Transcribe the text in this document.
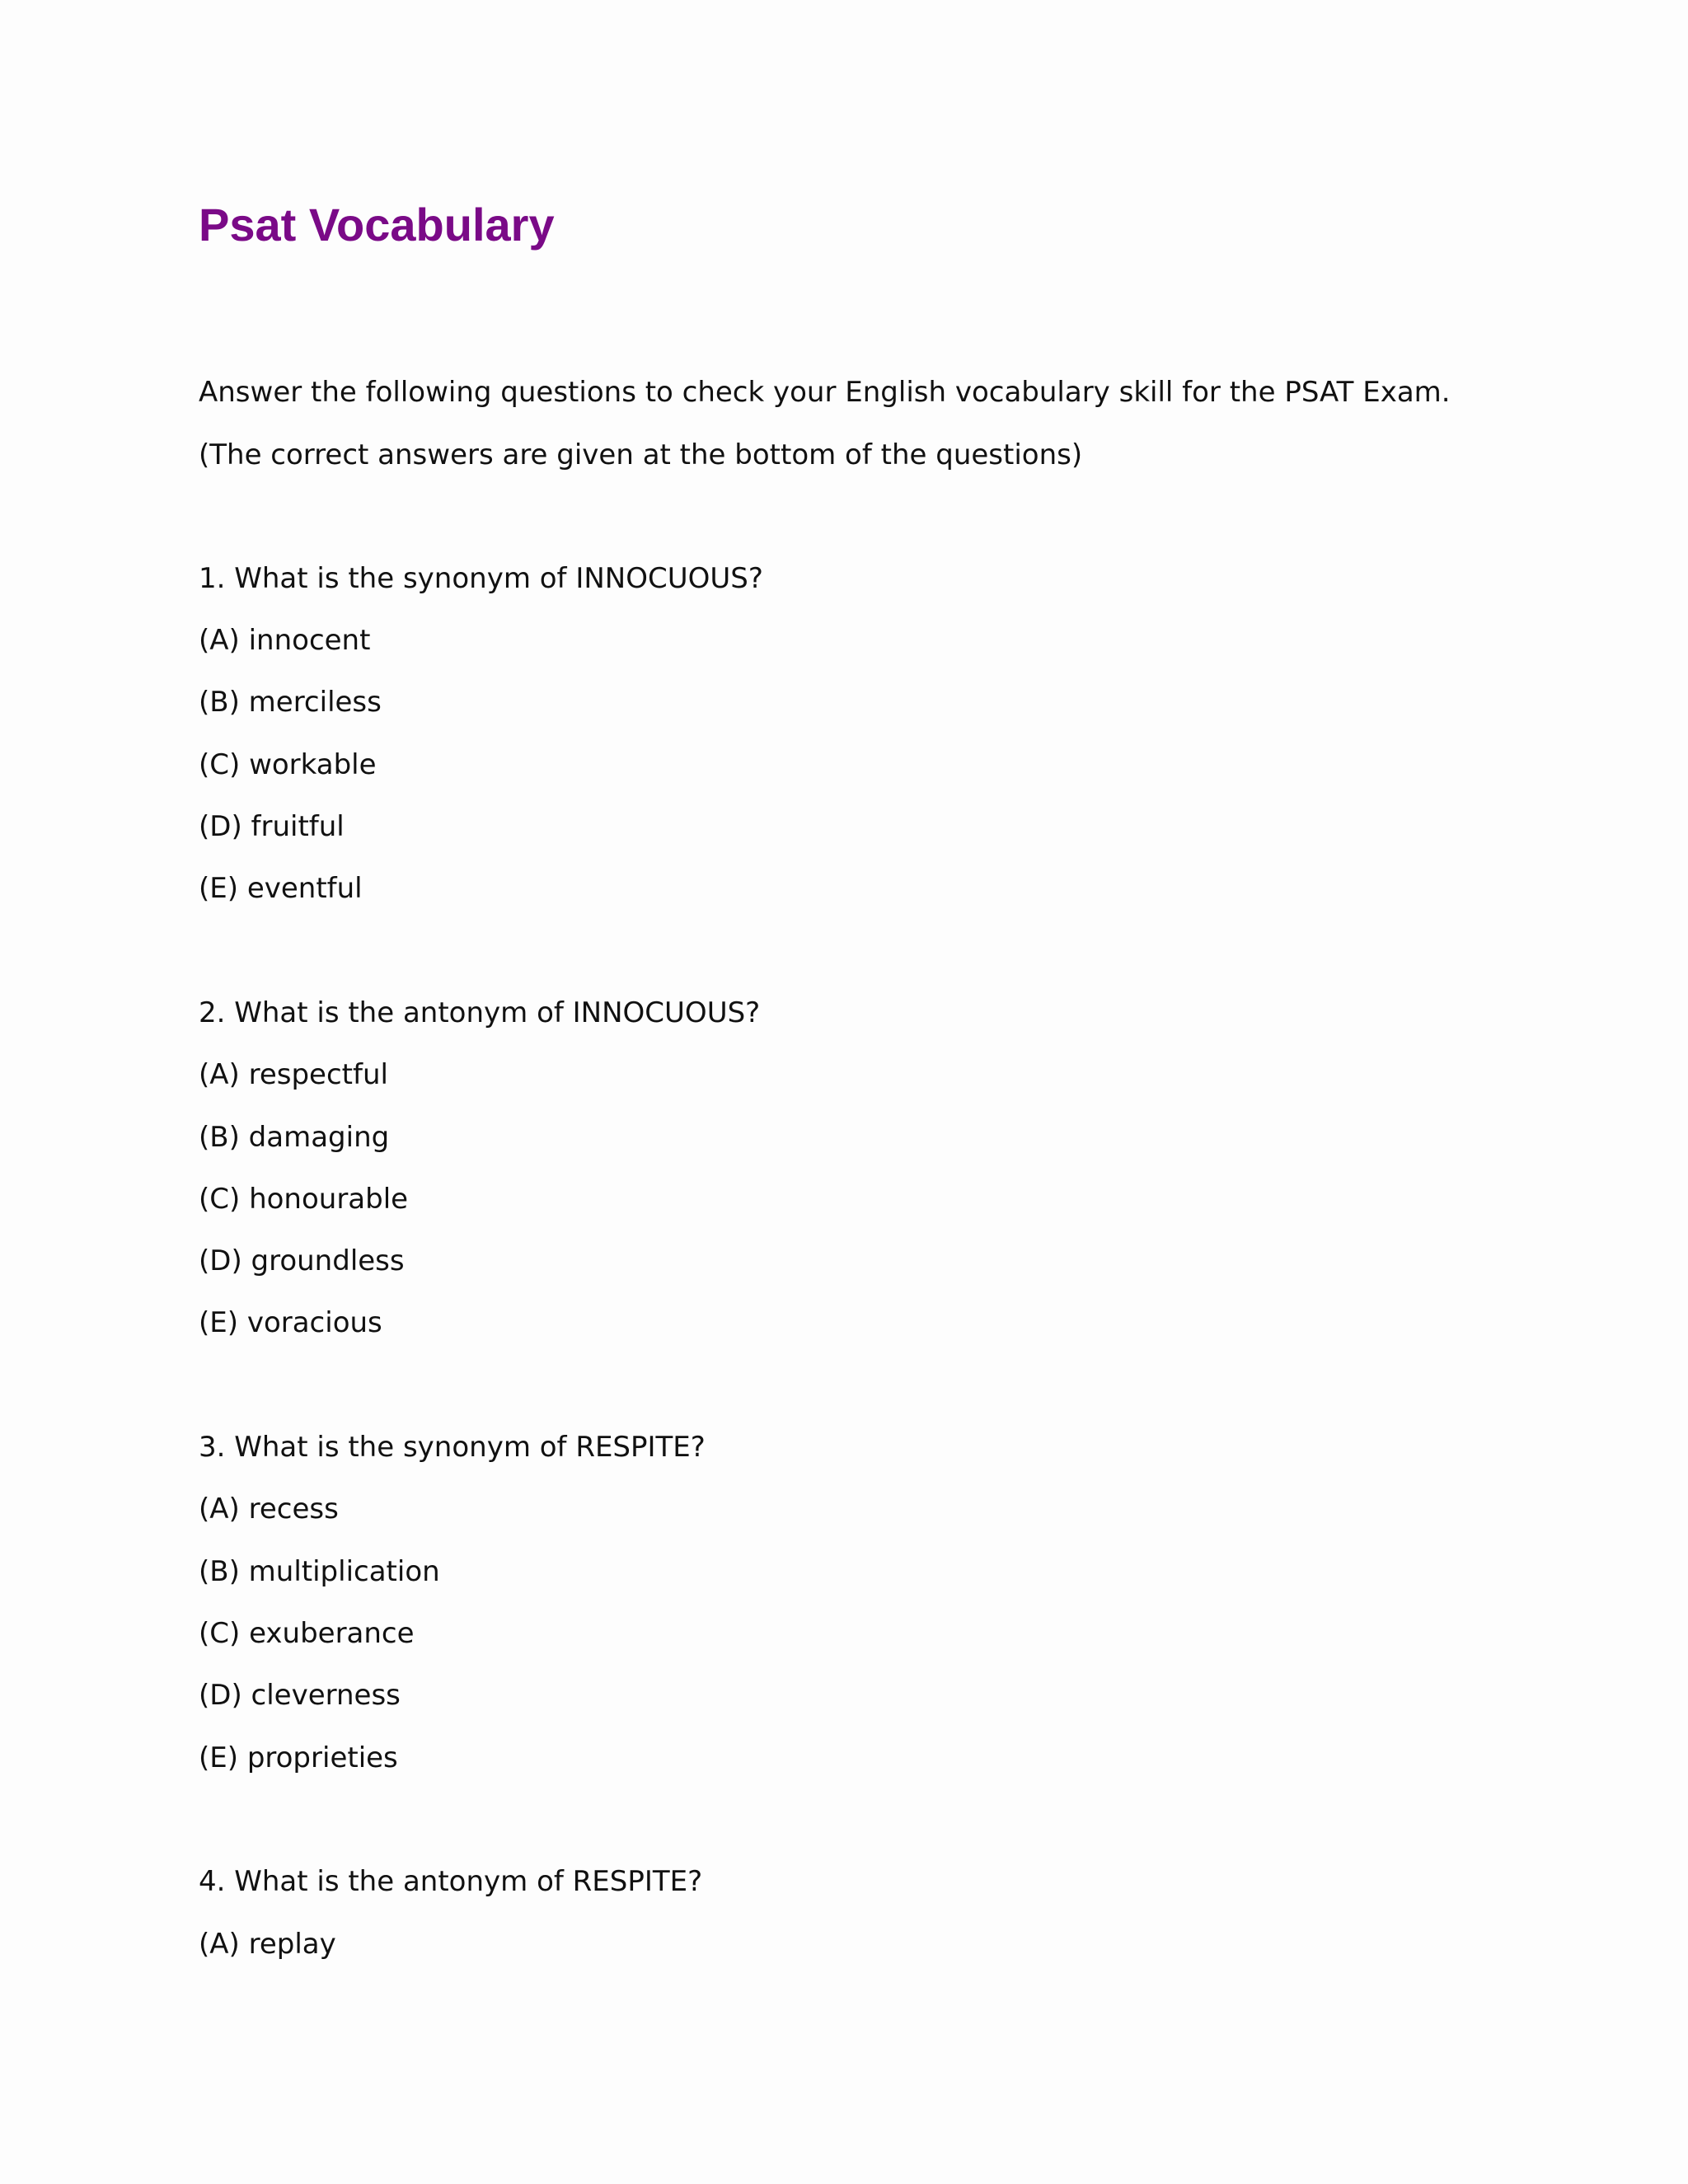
Psat Vocabulary

Answer the following questions to check your English vocabulary skill for the PSAT Exam.

(The correct answers are given at the bottom of the questions)

1. What is the synonym of INNOCUOUS?

(A) innocent

(B) merciless

(C) workable

(D) fruitful

(E) eventful

2. What is the antonym of INNOCUOUS?

(A) respectful

(B) damaging

(C) honourable

(D) groundless

(E) voracious

3. What is the synonym of RESPITE?

(A) recess

(B) multiplication

(C) exuberance

(D) cleverness

(E) proprieties

4. What is the antonym of RESPITE?

(A) replay
